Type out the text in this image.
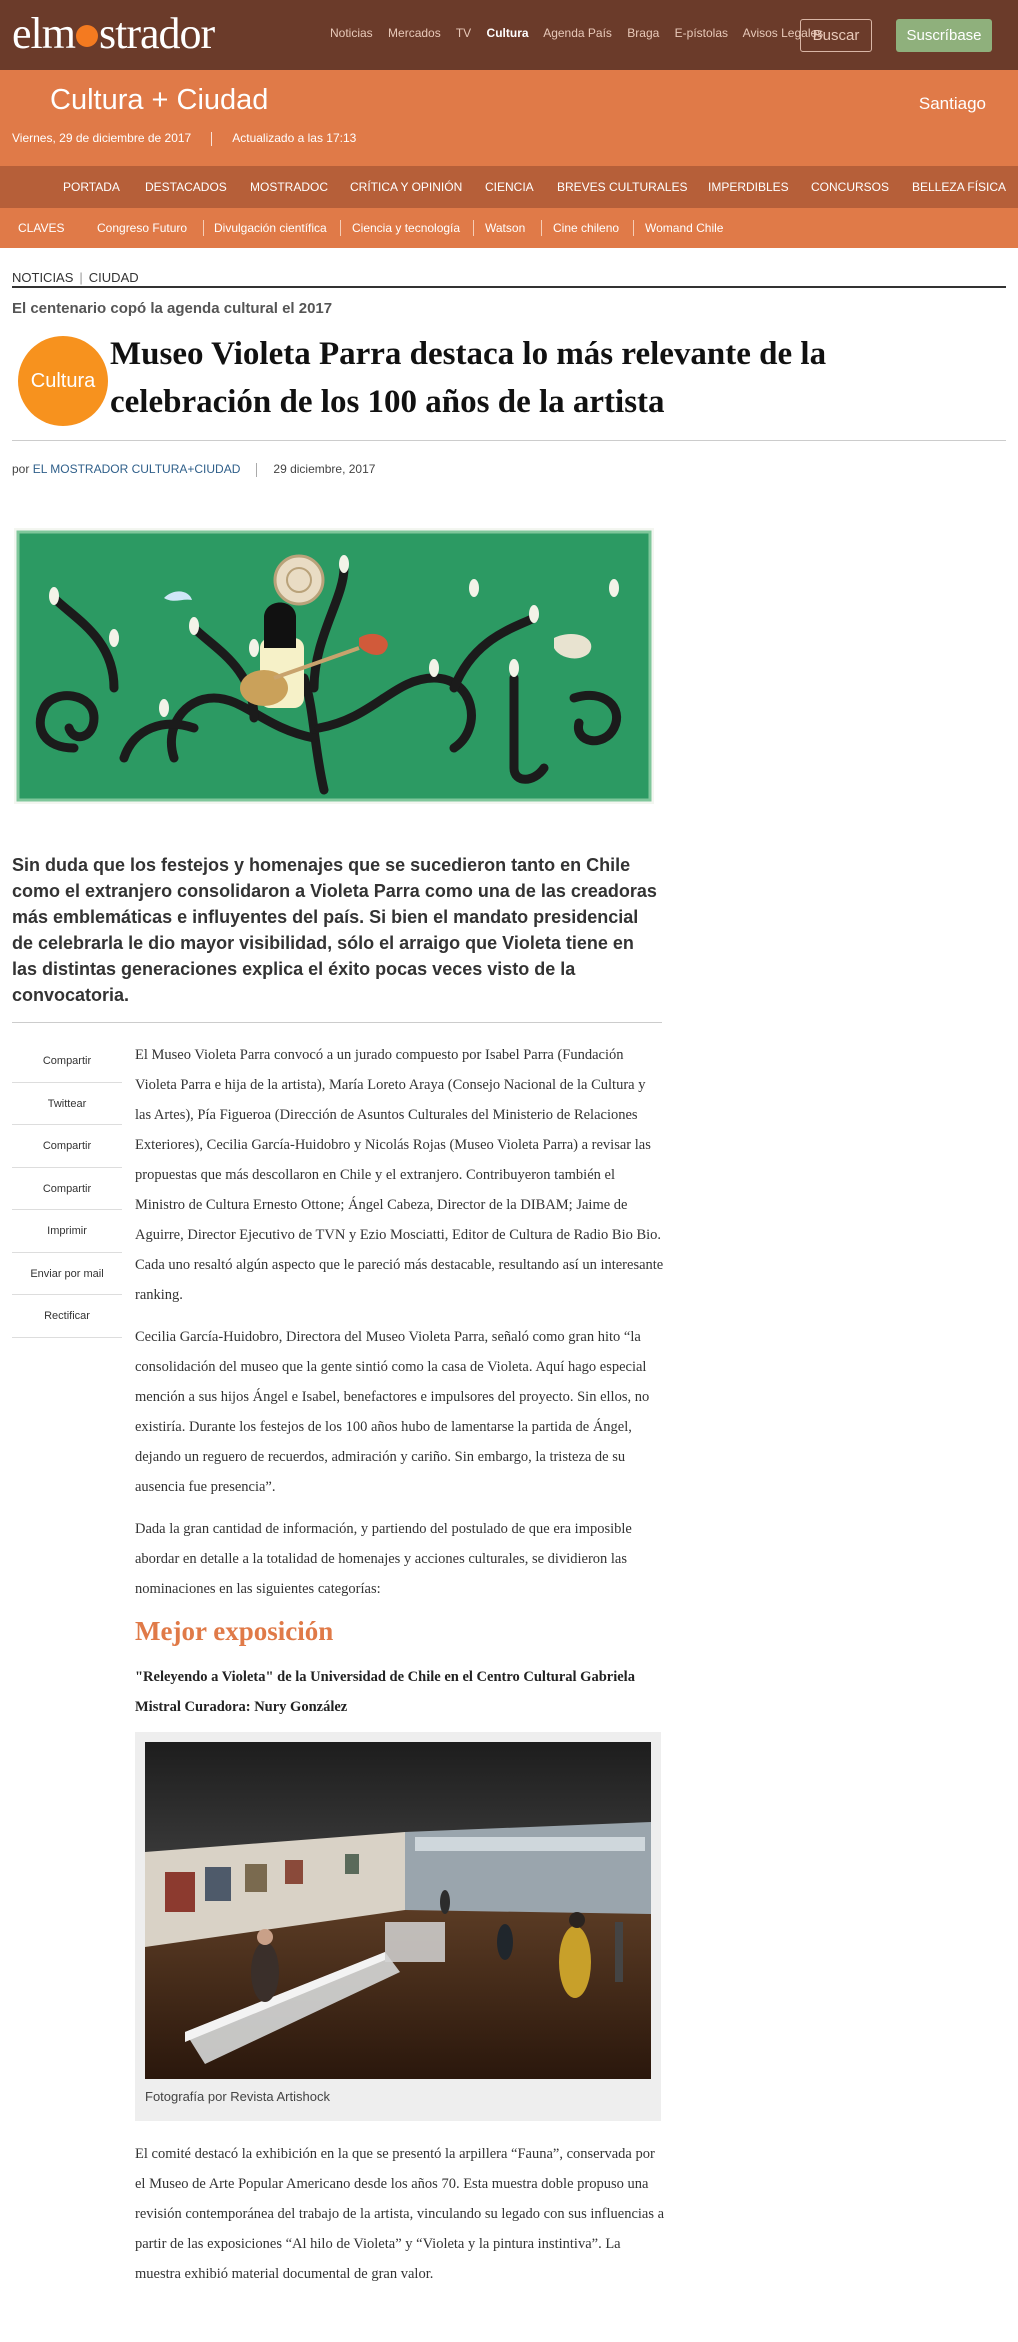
elm strador	Noticias Mercados TV Cultura Agenda País Braga E-pístolas Avisos Legales
Buscar	Suscríbase
Cultura + Ciudad	Santiago
Viernes, 29 de diciembre de 2017	Actualizado a las 17:13
PORTADA DESTACADOS MOSTRADOC CRÍTICA Y OPINIÓN CIENCIA BREVES CULTURALES IMPERDIBLES CONCURSOS BELLEZA FÍSICA
CLAVES	Congreso Futuro Divulgación científica Ciencia y tecnología Watson Cine chileno Womand Chile
NOTICIAS | CIUDAD
El centenario copó la agenda cultural el 2017
Cultura
Museo Violeta Parra destaca lo más relevante de la celebración de los 100 años de la artista
por EL MOSTRADOR CULTURA+CIUDAD	29 diciembre, 2017

Sin duda que los festejos y homenajes que se sucedieron tanto en Chile como el extranjero consolidaron a Violeta Parra como una de las creadoras más emblemáticas e influyentes del país. Si bien el mandato presidencial de celebrarla le dio mayor visibilidad, sólo el arraigo que Violeta tiene en las distintas generaciones explica el éxito pocas veces visto de la convocatoria.

Compartir
Twittear
Compartir
Compartir
Imprimir
Enviar por mail
Rectificar

El Museo Violeta Parra convocó a un jurado compuesto por Isabel Parra (Fundación Violeta Parra e hija de la artista), María Loreto Araya (Consejo Nacional de la Cultura y las Artes), Pía Figueroa (Dirección de Asuntos Culturales del Ministerio de Relaciones Exteriores), Cecilia García-Huidobro y Nicolás Rojas (Museo Violeta Parra) a revisar las propuestas que más descollaron en Chile y el extranjero. Contribuyeron también el Ministro de Cultura Ernesto Ottone; Ángel Cabeza, Director de la DIBAM; Jaime de Aguirre, Director Ejecutivo de TVN y Ezio Mosciatti, Editor de Cultura de Radio Bio Bio. Cada uno resaltó algún aspecto que le pareció más destacable, resultando así un interesante ranking.

Cecilia García-Huidobro, Directora del Museo Violeta Parra, señaló como gran hito “la consolidación del museo que la gente sintió como la casa de Violeta. Aquí hago especial mención a sus hijos Ángel e Isabel, benefactores e impulsores del proyecto. Sin ellos, no existiría. Durante los festejos de los 100 años hubo de lamentarse la partida de Ángel, dejando un reguero de recuerdos, admiración y cariño. Sin embargo, la tristeza de su ausencia fue presencia”.

Dada la gran cantidad de información, y partiendo del postulado de que era imposible abordar en detalle a la totalidad de homenajes y acciones culturales, se dividieron las nominaciones en las siguientes categorías:

Mejor exposición

"Releyendo a Violeta" de la Universidad de Chile en el Centro Cultural Gabriela Mistral Curadora: Nury González

Fotografía por Revista Artishock

El comité destacó la exhibición en la que se presentó la arpillera “Fauna”, conservada por el Museo de Arte Popular Americano desde los años 70. Esta muestra doble propuso una revisión contemporánea del trabajo de la artista, vinculando su legado con sus influencias a partir de las exposiciones “Al hilo de Violeta” y “Violeta y la pintura instintiva”. La muestra exhibió material documental de gran valor.
